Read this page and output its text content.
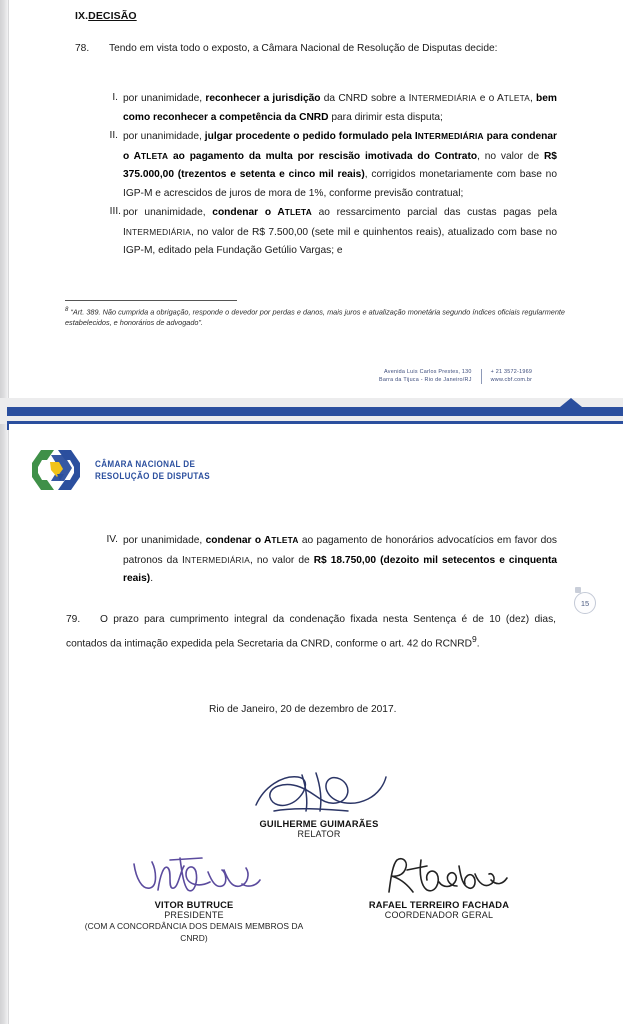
IX.DECISÃO

78. Tendo em vista todo o exposto, a Câmara Nacional de Resolução de Disputas decide:

I. por unanimidade, reconhecer a jurisdição da CNRD sobre a INTERMEDIÁRIA e o ATLETA, bem como reconhecer a competência da CNRD para dirimir esta disputa;
II. por unanimidade, julgar procedente o pedido formulado pela INTERMEDIÁRIA para condenar o ATLETA ao pagamento da multa por rescisão imotivada do Contrato, no valor de R$ 375.000,00 (trezentos e setenta e cinco mil reais), corrigidos monetariamente com base no IGP-M e acrescidos de juros de mora de 1%, conforme previsão contratual;
III. por unanimidade, condenar o ATLETA ao ressarcimento parcial das custas pagas pela INTERMEDIÁRIA, no valor de R$ 7.500,00 (sete mil e quinhentos reais), atualizado com base no IGP-M, editado pela Fundação Getúlio Vargas; e
$^8$ “Art. 389. Não cumprida a obrigação, responde o devedor por perdas e danos, mais juros e atualização monetária segundo índices oficiais regularmente estabelecidos, e honorários de advogado”.
Avenida Luis Carlos Prestes, 130
Barra da Tijuca - Rio de Janeiro/RJ
+ 21 3572-1969
www.cbf.com.br
CÂMARA NACIONAL DE
RESOLUÇÃO DE DISPUTAS
IV. por unanimidade, condenar o ATLETA ao pagamento de honorários advocatícios em favor dos patronos da INTERMEDIÁRIA, no valor de R$ 18.750,00 (dezoito mil setecentos e cinquenta reais).

79. O prazo para cumprimento integral da condenação fixada nesta Sentença é de 10 (dez) dias, contados da intimação expedida pela Secretaria da CNRD, conforme o art. 42 do RCNRD$^9$.

15
Rio de Janeiro, 20 de dezembro de 2017.
GUILHERME GUIMARÃES
RELATOR
VITOR BUTRUCE
PRESIDENTE
(COM A CONCORDÂNCIA DOS DEMAIS MEMBROS DA CNRD)
RAFAEL TERREIRO FACHADA
COORDENADOR GERAL
